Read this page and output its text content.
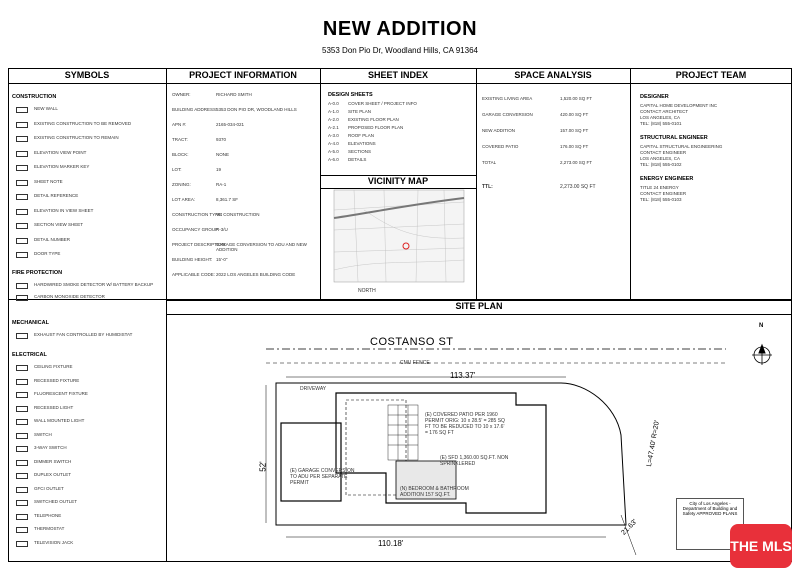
NEW ADDITION
5353 Don Pio Dr, Woodland Hills, CA 91364
SYMBOLS	PROJECT INFORMATION	SHEET INDEX	SPACE ANALYSIS	PROJECT TEAM
CONSTRUCTION
NEW WALL
EXISTING CONSTRUCTION TO BE REMOVED
EXISTING CONSTRUCTION TO REMAIN
ELEVATION VIEW POINT
ELEVATION MARKER KEY
SHEET NOTE
DETAIL REFERENCE
ELEVATION IN VIEW SHEET
SECTION VIEW SHEET
DETAIL NUMBER
DOOR TYPE
FIRE PROTECTION
HARDWIRED SMOKE DETECTOR W/ BATTERY BACKUP
CARBON MONOXIDE DETECTOR
MECHANICAL
EXHAUST FAN CONTROLLED BY HUMIDISTAT
ELECTRICAL
CEILING FIXTURE
RECESSED FIXTURE
FLUORESCENT FIXTURE
RECESSED LIGHT
WALL MOUNTED LIGHT
SWITCH
3-WAY SWITCH
DIMMER SWITCH
DUPLEX OUTLET
GFCI OUTLET
SWITCHED OUTLET
TELEPHONE
THERMOSTAT
TELEVISION JACK
OWNER:	RICHARD SMITH
BUILDING ADDRESS:
5353 DON PIO DR, WOODLAND HILLS
APN #:	2165-034-021
TRACT:	9370
BLOCK:	NONE
LOT:	19
ZONING:	RA-1
LOT AREA:	8,361.7 SF
CONSTRUCTION TYPE:
VB CONSTRUCTION
OCCUPANCY GROUP:
R-3/U
PROJECT DESCRIPTION:
GARAGE CONVERSION TO ADU AND NEW ADDITION
BUILDING HEIGHT: 15'-0"
APPLICABLE CODE: 2022 LOS ANGELES BUILDING CODE
DESIGN SHEETS
A-0.0	COVER SHEET / PROJECT INFO
A-1.0	SITE PLAN
A-2.0	EXISTING FLOOR PLAN
A-2.1	PROPOSED FLOOR PLAN
A-3.0	ROOF PLAN
A-4.0	ELEVATIONS
A-5.0	SECTIONS
A-6.0	DETAILS
VICINITY MAP
NORTH
EXISTING LIVING AREA	1,520.00 SQ FT
GARAGE CONVERSION	420.00 SQ FT
NEW ADDITION	157.00 SQ FT
COVERED PATIO	176.00 SQ FT
TOTAL	2,273.00 SQ FT
TTL:	2,273.00 SQ FT
DESIGNER
CAPITAL HOME DEVELOPMENT INC
CONTACT ARCHITECT
LOS ANGELES, CA
TEL: (818) 555-0101
STRUCTURAL ENGINEER
CAPITAL STRUCTURAL ENGINEERING
CONTACT ENGINEER
LOS ANGELES, CA
TEL: (818) 555-0102
ENERGY ENGINEER
TITLE 24 ENERGY
CONTACT ENGINEER
TEL: (818) 555-0103
SITE PLAN
N
COSTANSO ST
CMU FENCE
113.37'
DRIVEWAY
(E) COVERED PATIO PER 1960 PERMIT ORIG: 10 x 28.5' = 285 SQ FT TO BE REDUCED TO 10 x 17.6' = 176 SQ FT
(E) SFD 1,360.00 SQ.FT. NON SPRINKLERED
(E) GARAGE CONVERSION TO ADU PER SEPARATE PERMIT
(N) BEDROOM & BATHROOM ADDITION 157 SQ.FT.
52'	L=47.40' R=20'
110.18'
21.63'
City of Los Angeles - Department of Building and Safety APPROVED PLANS
THE MLS
